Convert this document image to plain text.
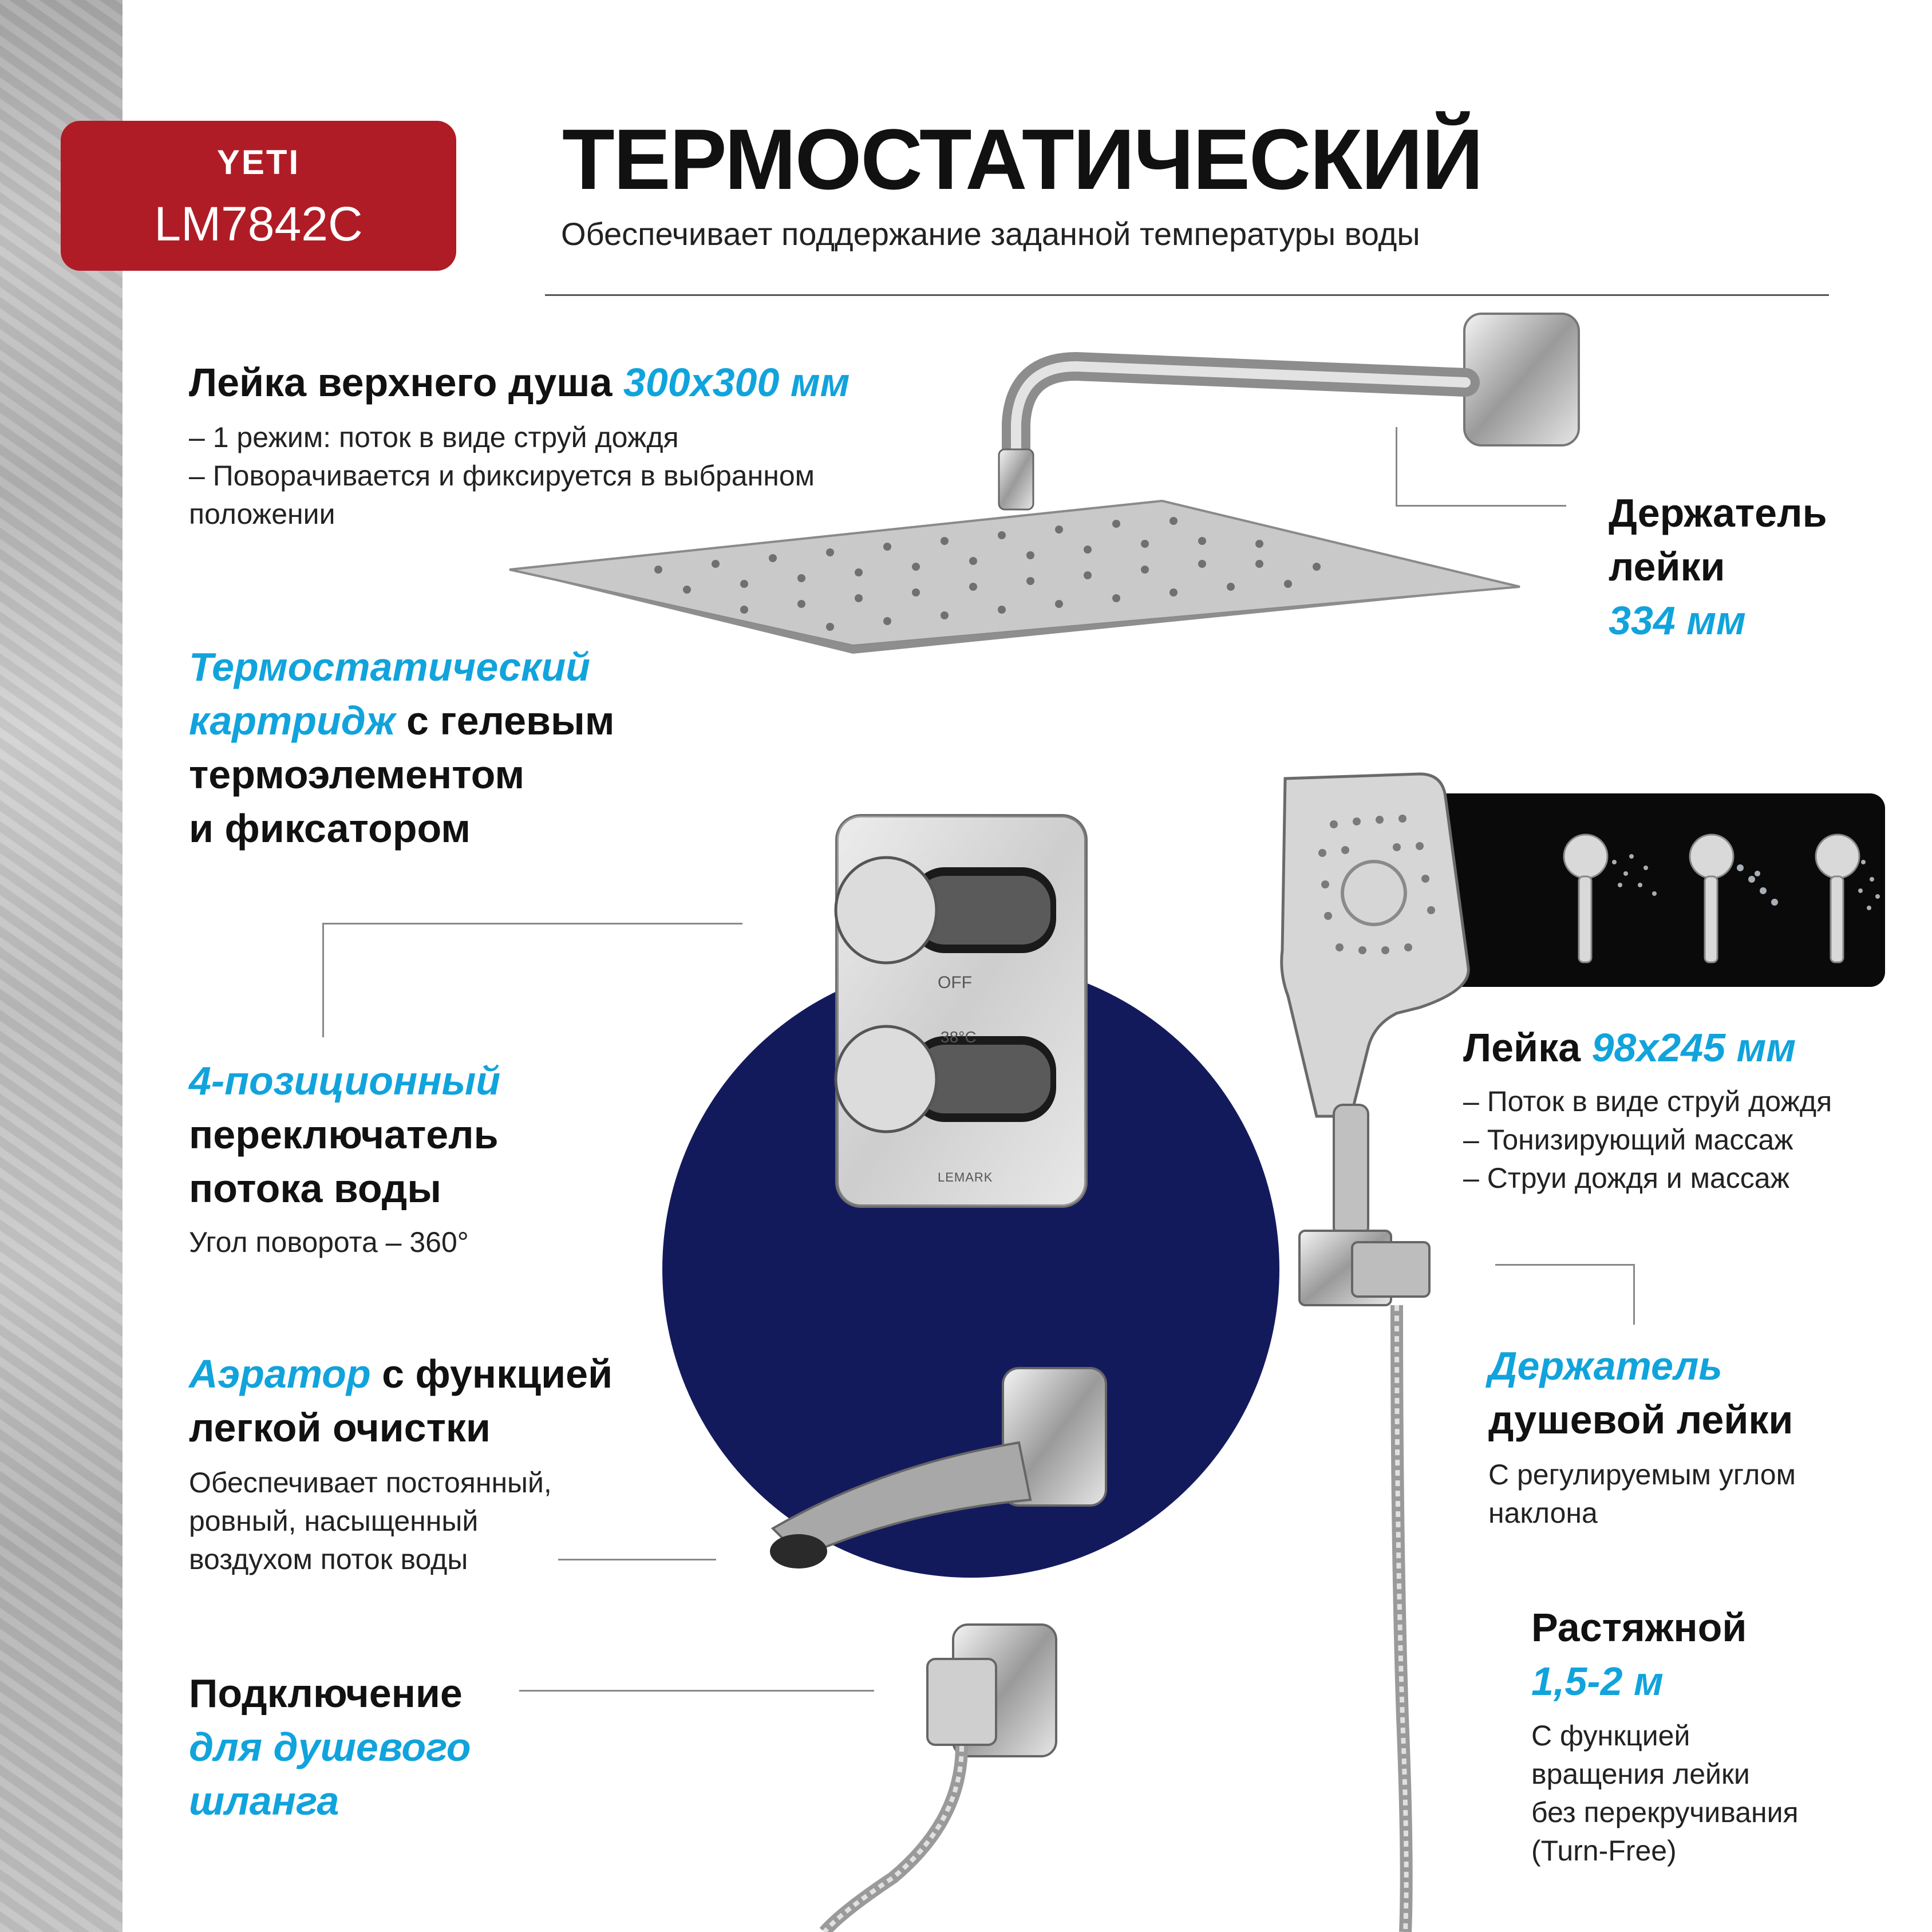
YETI
LM7842C
ТЕРМОСТАТИЧЕСКИЙ
Обеспечивает поддержание заданной температуры воды
OFF
38°C
LEMARK
Лейка верхнего душа 300x300 мм
– 1 режим: поток в виде струй дождя
– Поворачивается и фиксируется в выбранном
положении	Держатель
лейки
334 мм
Термостатический
картридж с гелевым
термоэлементом
и фиксатором
4-позиционный
переключатель
потока воды
Угол поворота – 360°
Аэратор с функцией
легкой очистки
Обеспечивает постоянный,
ровный, насыщенный
воздухом поток воды
Подключение
для душевого
шланга
Лейка 98x245 мм
– Поток в виде струй дождя
– Тонизирующий массаж
– Струи дождя и массаж
Держатель
душевой лейки
С регулируемым углом
наклона
Растяжной
1,5-2 м
С функцией
вращения лейки
без перекручивания
(Turn-Free)
